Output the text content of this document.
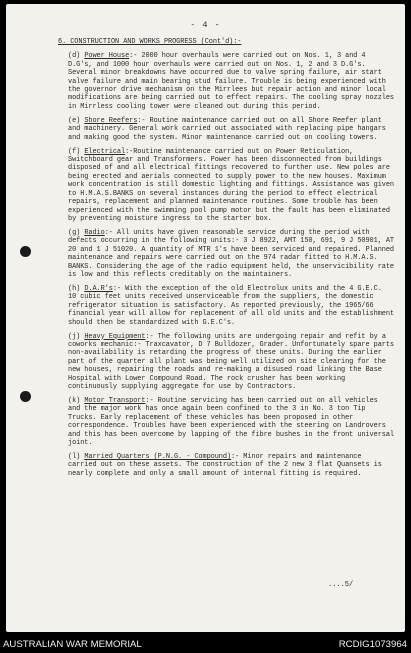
- 4 -
6. CONSTRUCTION AND WORKS PROGRESS (Cont'd):-
(d) Power House:- 2000 hour overhauls were carried out on Nos. 1, 3 and 4 D.G's, and 1000 hour overhauls were carried out on Nos. 1, 2 and 3 D.G's. Several minor breakdowns have occurred due to valve spring failure, air start valve failure and main bearing stud failure. Trouble is being experienced with the governor drive mechanism on the Mirrlees but repair action and minor local modifications are being carried out to effect repairs. The cooling spray nozzles in Mirrless cooling tower were cleaned out during this period.
(e) Shore Reefers:- Routine maintenance carried out on all Shore Reefer plant and machinery. General work carried out associated with replacing pipe hangars and making good the system. Minor maintenance carried out on cooling towers.
(f) Electrical:-Routine maintenance carried out on Power Reticulation, Switchboard gear and Transformers. Power has been disconnected from buildings disposed of and all electrical fittings recovered to further use. New poles are being erected and aerials connected to supply power to the new houses. Maximum work concentration is still domestic lighting and fittings. Assistance was given to H.M.A.S.BANKS on several instances during the period to effect electrical repairs, replacement and planned maintenance routines. Some trouble has been experienced with the swimming pool pump motor but the fault has been eliminated by preventing moisture ingress to the starter box.
(g) Radio:- All units have given reasonable service during the period with defects occurring in the following units:- 3 J 8922, AMT 150, 691, 9 J 50901, AT 20 and 1 J 51020. A quantity of MTR 1's have been serviced and repaired. Planned maintenance and repairs were carried out on the 974 radar fitted to H.M.A.S. BANKS. Considering the age of the radio equipment held, the unservicibility rate is low and this reflects creditably on the maintainers.
(h) D.A.R's:- With the exception of the old Electrolux units and the 4 G.E.C. 10 cubic feet units received unserviceable from the suppliers, the domestic refrigerator situation is satisfactory. As reported previously, the 1965/66 financial year will allow for replacement of all old units and the establishment should then be standardized with G.E.C's.
(j) Heavy Equipment:- The following units are undergoing repair and refit by a coworks mechanic:- Traxcavator, D 7 Bulldozer, Grader. Unfortunately spare parts non-availability is retarding the progress of these units. During the earlier part of the quarter all plant was being well utilized on site clearing for the new houses, repairing the roads and re-making a disused road linking the Base Hospital with Lower Compound Road. The rock crusher has been working continuously supplying aggregate for use by Contractors.
(k) Motor Transport:- Routine servicing has been carried out on all vehicles and the major work has once again been confined to the 3 in No. 3 ton Tip Trucks. Early replacement of these vehicles has been proposed in other correspondence. Troubles have been experienced with the steering on Landrovers and this has been overcome by lapping of the fibre bushes in the front universal joint.
(l) Married Quarters (P.N.G. - Compound):- Minor repairs and maintenance carried out on these assets. The construction of the 2 new 3 flat Quansets is nearly complete and only a small amount of internal fitting is required.
....5/
AUSTRALIAN WAR MEMORIAL	RCDIG1073964
